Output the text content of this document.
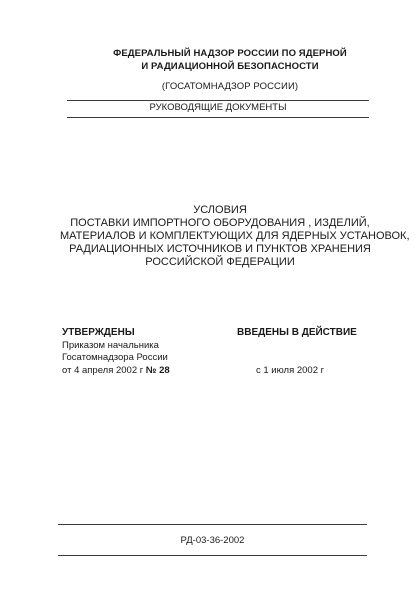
ФЕДЕРАЛЬНЫЙ НАДЗОР РОССИИ ПО ЯДЕРНОЙ
И РАДИАЦИОННОЙ БЕЗОПАСНОСТИ
(ГОСАТОМНАДЗОР РОССИИ)
РУКОВОДЯЩИЕ ДОКУМЕНТЫ
УСЛОВИЯ
ПОСТАВКИ ИМПОРТНОГО ОБОРУДОВАНИЯ , ИЗДЕЛИЙ,
МАТЕРИАЛОВ И КОМПЛЕКТУЮЩИХ ДЛЯ ЯДЕРНЫХ УСТАНОВОК,
РАДИАЦИОННЫХ ИСТОЧНИКОВ И ПУНКТОВ ХРАНЕНИЯ
РОССИЙСКОЙ ФЕДЕРАЦИИ
УТВЕРЖДЕНЫ
Приказом начальника
Госатомнадзора России
от 4 апреля 2002 г № 28
ВВЕДЕНЫ В ДЕЙСТВИЕ
с 1 июля 2002 г
РД-03-36-2002
